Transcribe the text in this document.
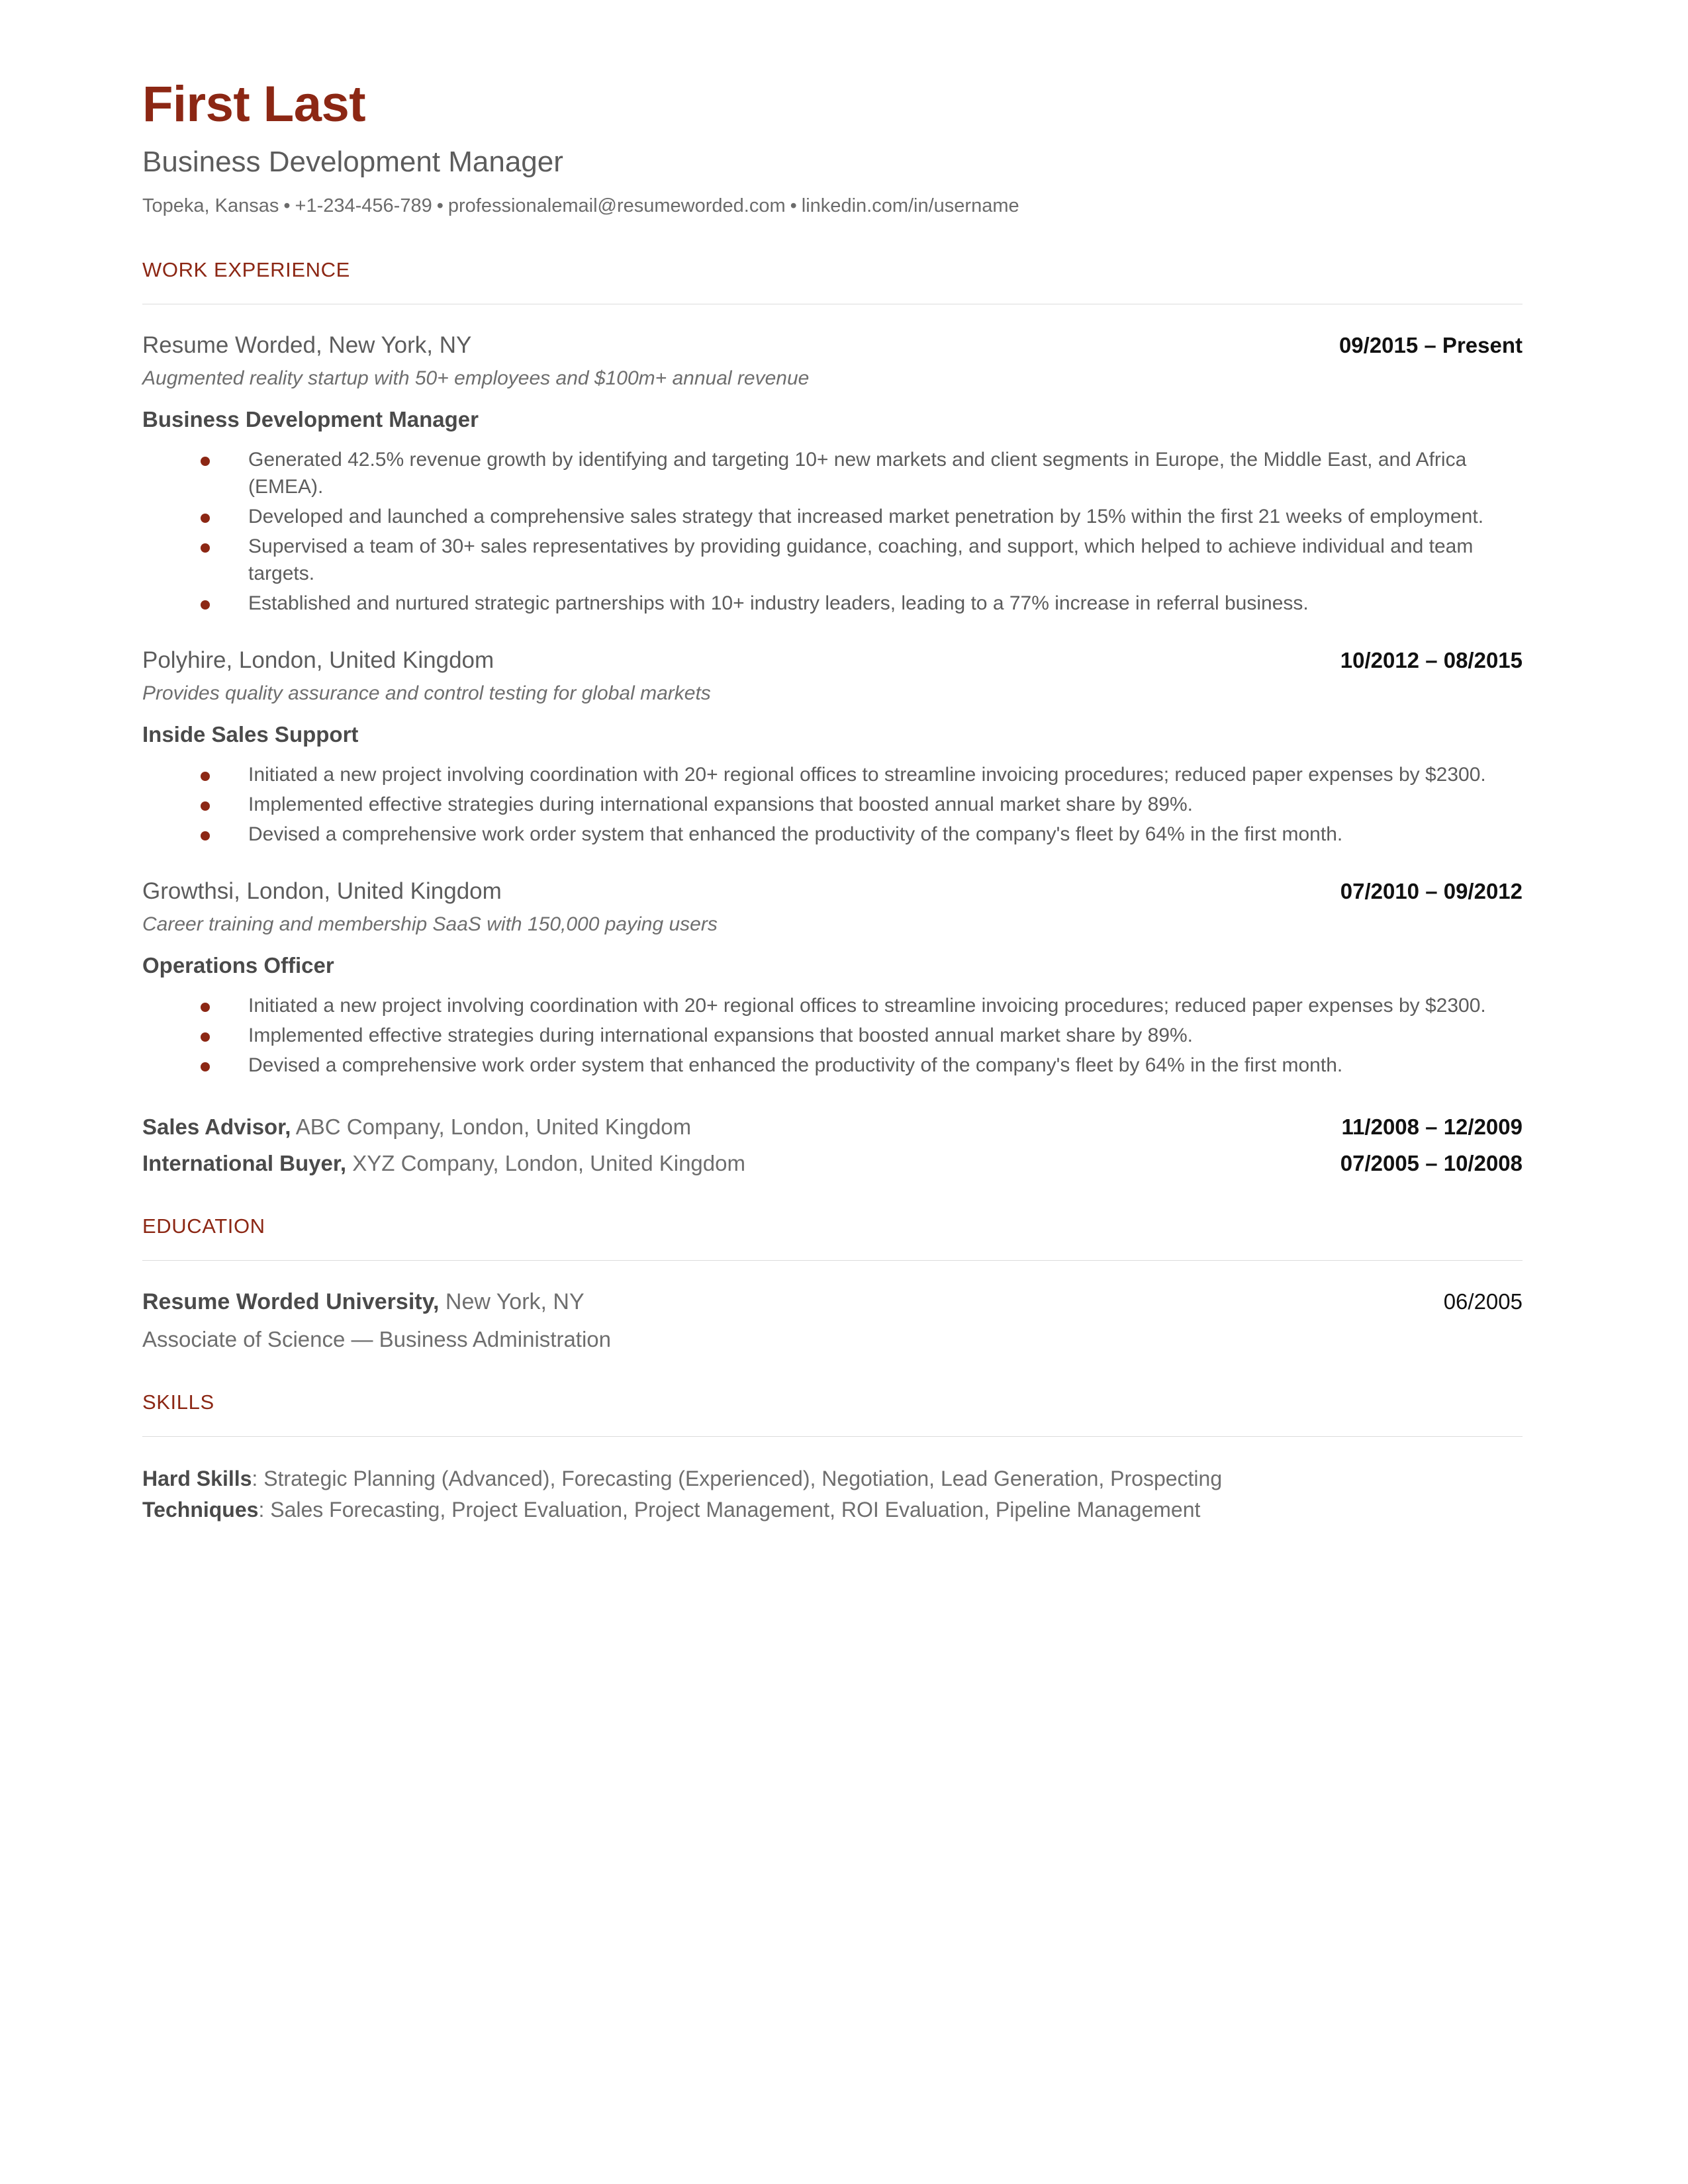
First Last
Business Development Manager
Topeka, Kansas • +1-234-456-789 • professionalemail@resumeworded.com • linkedin.com/in/username
WORK EXPERIENCE
Resume Worded, New York, NY	09/2015 – Present
Augmented reality startup with 50+ employees and $100m+ annual revenue
Business Development Manager
Generated 42.5% revenue growth by identifying and targeting 10+ new markets and client segments in Europe, the Middle East, and Africa (EMEA).
Developed and launched a comprehensive sales strategy that increased market penetration by 15% within the first 21 weeks of employment.
Supervised a team of 30+ sales representatives by providing guidance, coaching, and support, which helped to achieve individual and team targets.
Established and nurtured strategic partnerships with 10+ industry leaders, leading to a 77% increase in referral business.
Polyhire, London, United Kingdom	10/2012 – 08/2015
Provides quality assurance and control testing for global markets
Inside Sales Support
Initiated a new project involving coordination with 20+ regional offices to streamline invoicing procedures; reduced paper expenses by $2300.
Implemented effective strategies during international expansions that boosted annual market share by 89%.
Devised a comprehensive work order system that enhanced the productivity of the company's fleet by 64% in the first month.
Growthsi, London, United Kingdom	07/2010 – 09/2012
Career training and membership SaaS with 150,000 paying users
Operations Officer
Initiated a new project involving coordination with 20+ regional offices to streamline invoicing procedures; reduced paper expenses by $2300.
Implemented effective strategies during international expansions that boosted annual market share by 89%.
Devised a comprehensive work order system that enhanced the productivity of the company's fleet by 64% in the first month.
Sales Advisor, ABC Company, London, United Kingdom	11/2008 – 12/2009
International Buyer, XYZ Company, London, United Kingdom	07/2005 – 10/2008
EDUCATION
Resume Worded University, New York, NY	06/2005
Associate of Science — Business Administration
SKILLS
Hard Skills: Strategic Planning (Advanced), Forecasting (Experienced), Negotiation, Lead Generation, Prospecting
Techniques: Sales Forecasting, Project Evaluation, Project Management, ROI Evaluation, Pipeline Management
